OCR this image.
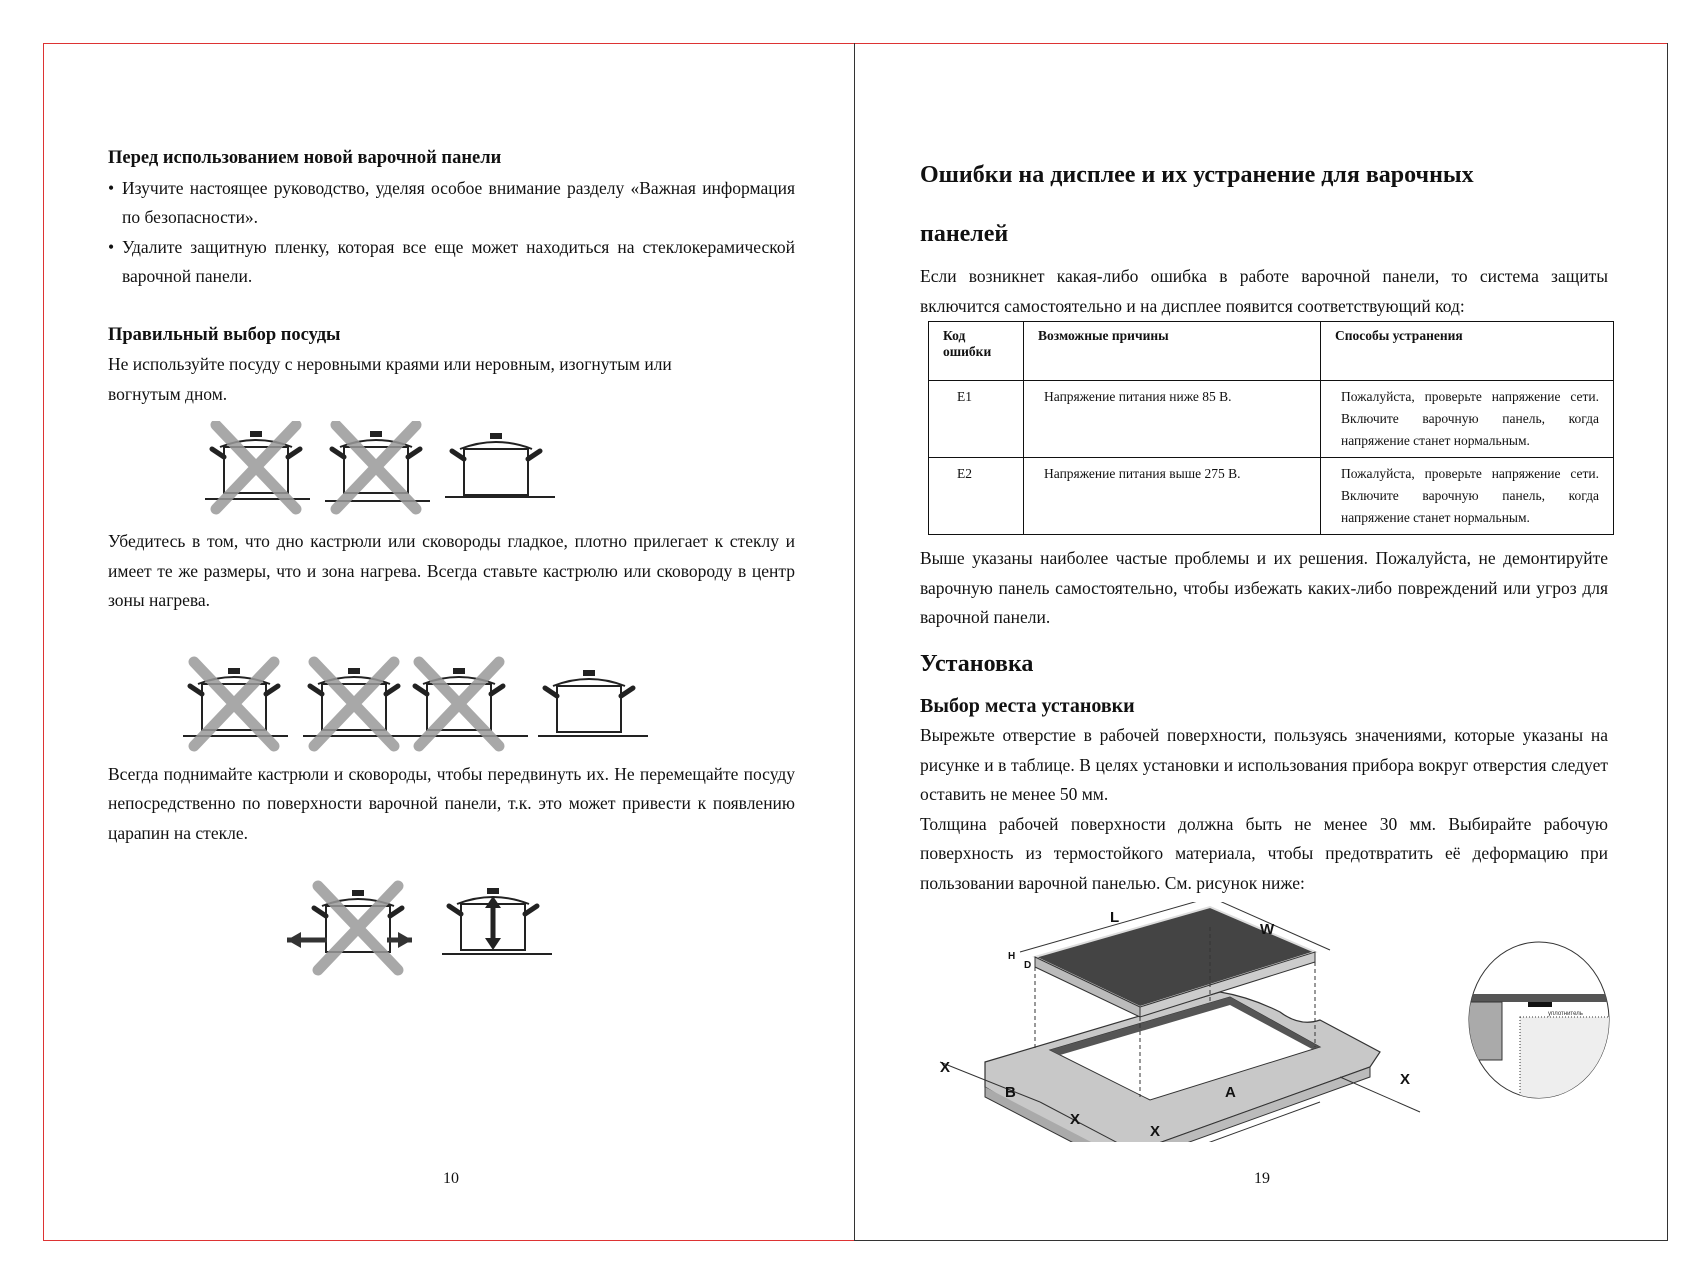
Перед использованием новой варочной панели
• Изучите настоящее руководство, уделяя особое внимание разделу «Важная информация по безопасности».
• Удалите защитную пленку, которая все еще может находиться на стеклокерамической варочной панели.
Правильный выбор посуды
Не используйте посуду с неровными краями или неровным, изогнутым или вогнутым дном.
Убедитесь в том, что дно кастрюли или сковороды гладкое, плотно прилегает к стеклу и имеет те же размеры, что и зона нагрева. Всегда ставьте кастрюлю или сковороду в центр зоны нагрева.
Всегда поднимайте кастрюли и сковороды, чтобы передвинуть их. Не перемещайте посуду непосредственно по поверхности варочной панели, т.к. это может привести к появлению царапин на стекле.
10
Ошибки на дисплее и их устранение для варочных
панелей
Если возникнет какая-либо ошибка в работе варочной панели, то система защиты включится самостоятельно и на дисплее появится соответствующий код:
Код ошибки	Возможные причины	Способы устранения
E1	Напряжение питания ниже 85 В.	Пожалуйста, проверьте напряжение сети. Включите варочную панель, когда напряжение станет нормальным.
E2	Напряжение питания выше 275 В.	Пожалуйста, проверьте напряжение сети. Включите варочную панель, когда напряжение станет нормальным.
Выше указаны наиболее частые проблемы и их решения. Пожалуйста, не демонтируйте варочную панель самостоятельно, чтобы избежать каких-либо повреждений или угроз для варочной панели.
Установка
Выбор места установки
Вырежьте отверстие в рабочей поверхности, пользуясь значениями, которые указаны на рисунке и в таблице. В целях установки и использования прибора вокруг отверстия следует оставить не менее 50 мм.
Толщина рабочей поверхности должна быть не менее 30 мм. Выбирайте рабочую поверхность из термостойкого материала, чтобы предотвратить её деформацию при пользовании варочной панелью. См. рисунок ниже:
L
W
H
D
X
B
X
A
X
X
уплотнитель
19
